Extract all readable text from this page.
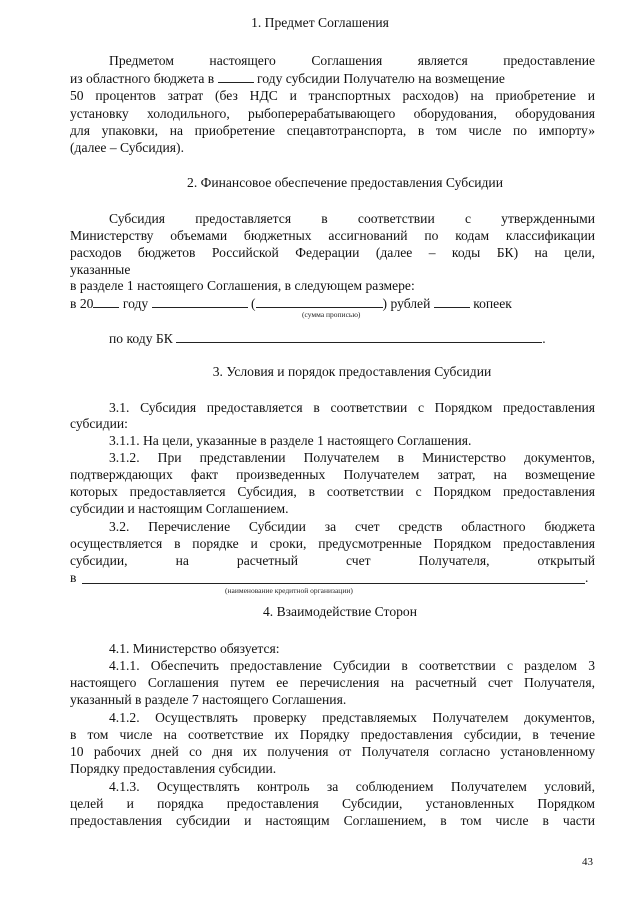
1. Предмет Соглашения
Предметом настоящего Соглашения является предоставление
из областного бюджета в	году субсидии Получателю на возмещение
50 процентов затрат (без НДС и транспортных расходов) на приобретение и
установку холодильного, рыбоперерабатывающего оборудования, оборудования
для упаковки, на приобретение спецавтотранспорта, в том числе по импорту»
(далее – Субсидия).
2. Финансовое обеспечение предоставления Субсидии
Субсидия предоставляется в соответствии с утвержденными
Министерству объемами бюджетных ассигнований по кодам классификации
расходов бюджетов Российской Федерации (далее – коды БК) на цели,
указанные
в разделе 1 настоящего Соглашения, в следующем размере:
в 20 году	(	) рублей	копеек
(сумма прописью)
по коду БК	.
3. Условия и порядок предоставления Субсидии
3.1. Субсидия предоставляется в соответствии с Порядком предоставления
субсидии:
3.1.1. На цели, указанные в разделе 1 настоящего Соглашения.
3.1.2. При представлении Получателем в Министерство документов,
подтверждающих факт произведенных Получателем затрат, на возмещение
которых предоставляется Субсидия, в соответствии с Порядком предоставления
субсидии и настоящим Соглашением.
3.2. Перечисление Субсидии за счет средств областного бюджета
осуществляется в порядке и сроки, предусмотренные Порядком предоставления
субсидии, на расчетный счет Получателя, открытый
в	.
(наименование кредитной организации)
4. Взаимодействие Сторон
4.1. Министерство обязуется:
4.1.1. Обеспечить предоставление Субсидии в соответствии с разделом 3
настоящего Соглашения путем ее перечисления на расчетный счет Получателя,
указанный в разделе 7 настоящего Соглашения.
4.1.2. Осуществлять проверку представляемых Получателем документов,
в том числе на соответствие их Порядку предоставления субсидии, в течение
10 рабочих дней со дня их получения от Получателя согласно установленному
Порядку предоставления субсидии.
4.1.3. Осуществлять контроль за соблюдением Получателем условий,
целей и порядка предоставления Субсидии, установленных Порядком
предоставления субсидии и настоящим Соглашением, в том числе в части
43
